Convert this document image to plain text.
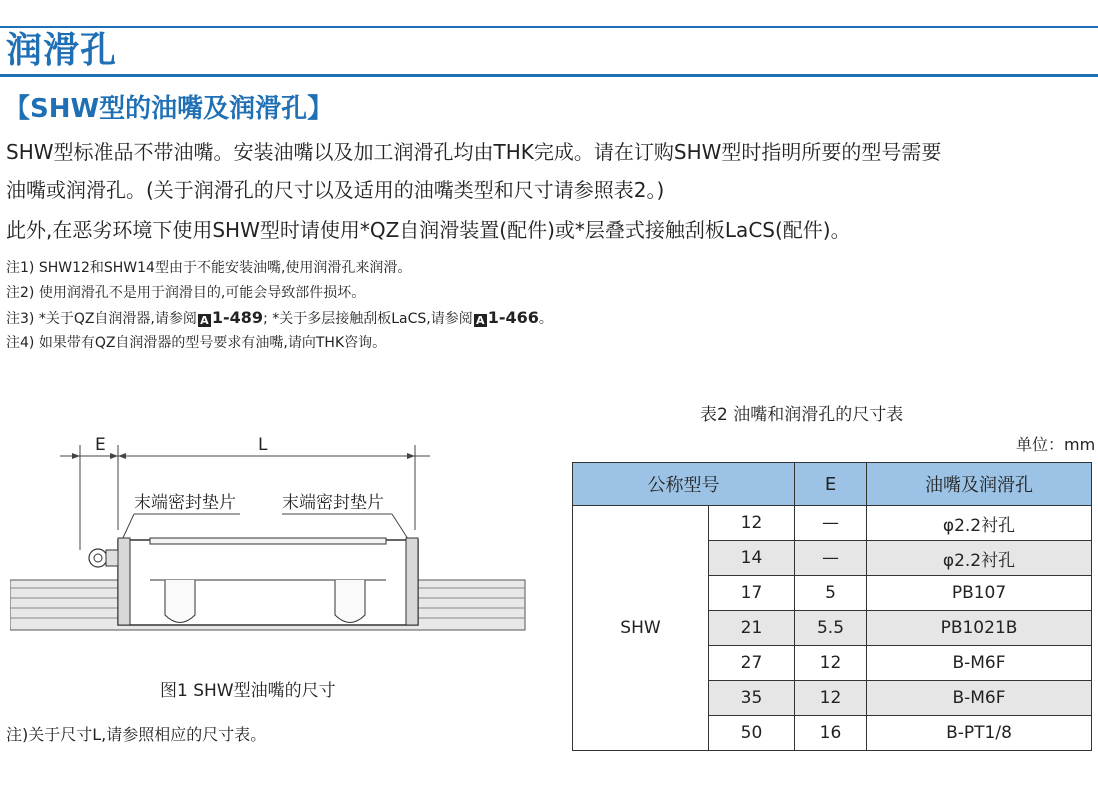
润滑孔
【SHW型的油嘴及润滑孔】
SHW型标准品不带油嘴。安装油嘴以及加工润滑孔均由THK完成。请在订购SHW型时指明所要的型号需要
油嘴或润滑孔。(关于润滑孔的尺寸以及适用的油嘴类型和尺寸请参照表2。)
此外,在恶劣环境下使用SHW型时请使用*QZ自润滑装置(配件)或*层叠式接触刮板LaCS(配件)。
注1) SHW12和SHW14型由于不能安装油嘴,使用润滑孔来润滑。
注2) 使用润滑孔不是用于润滑目的,可能会导致部件损坏。
注3) *关于QZ自润滑器,请参阅 A 1-489; *关于多层接触刮板LaCS,请参阅 A 1-466。
注4) 如果带有QZ自润滑器的型号要求有油嘴,请向THK咨询。
E	L
末端密封垫片	末端密封垫片
图1 SHW型油嘴的尺寸
注)关于尺寸L,请参照相应的尺寸表。
表2 油嘴和润滑孔的尺寸表
单位：mm
公称型号		E	油嘴及润滑孔
SHW	12	—	φ2.2衬孔
	14	—	φ2.2衬孔
	17	5	PB107
	21	5.5	PB1021B
	27	12	B-M6F
	35	12	B-M6F
	50	16	B-PT1/8
